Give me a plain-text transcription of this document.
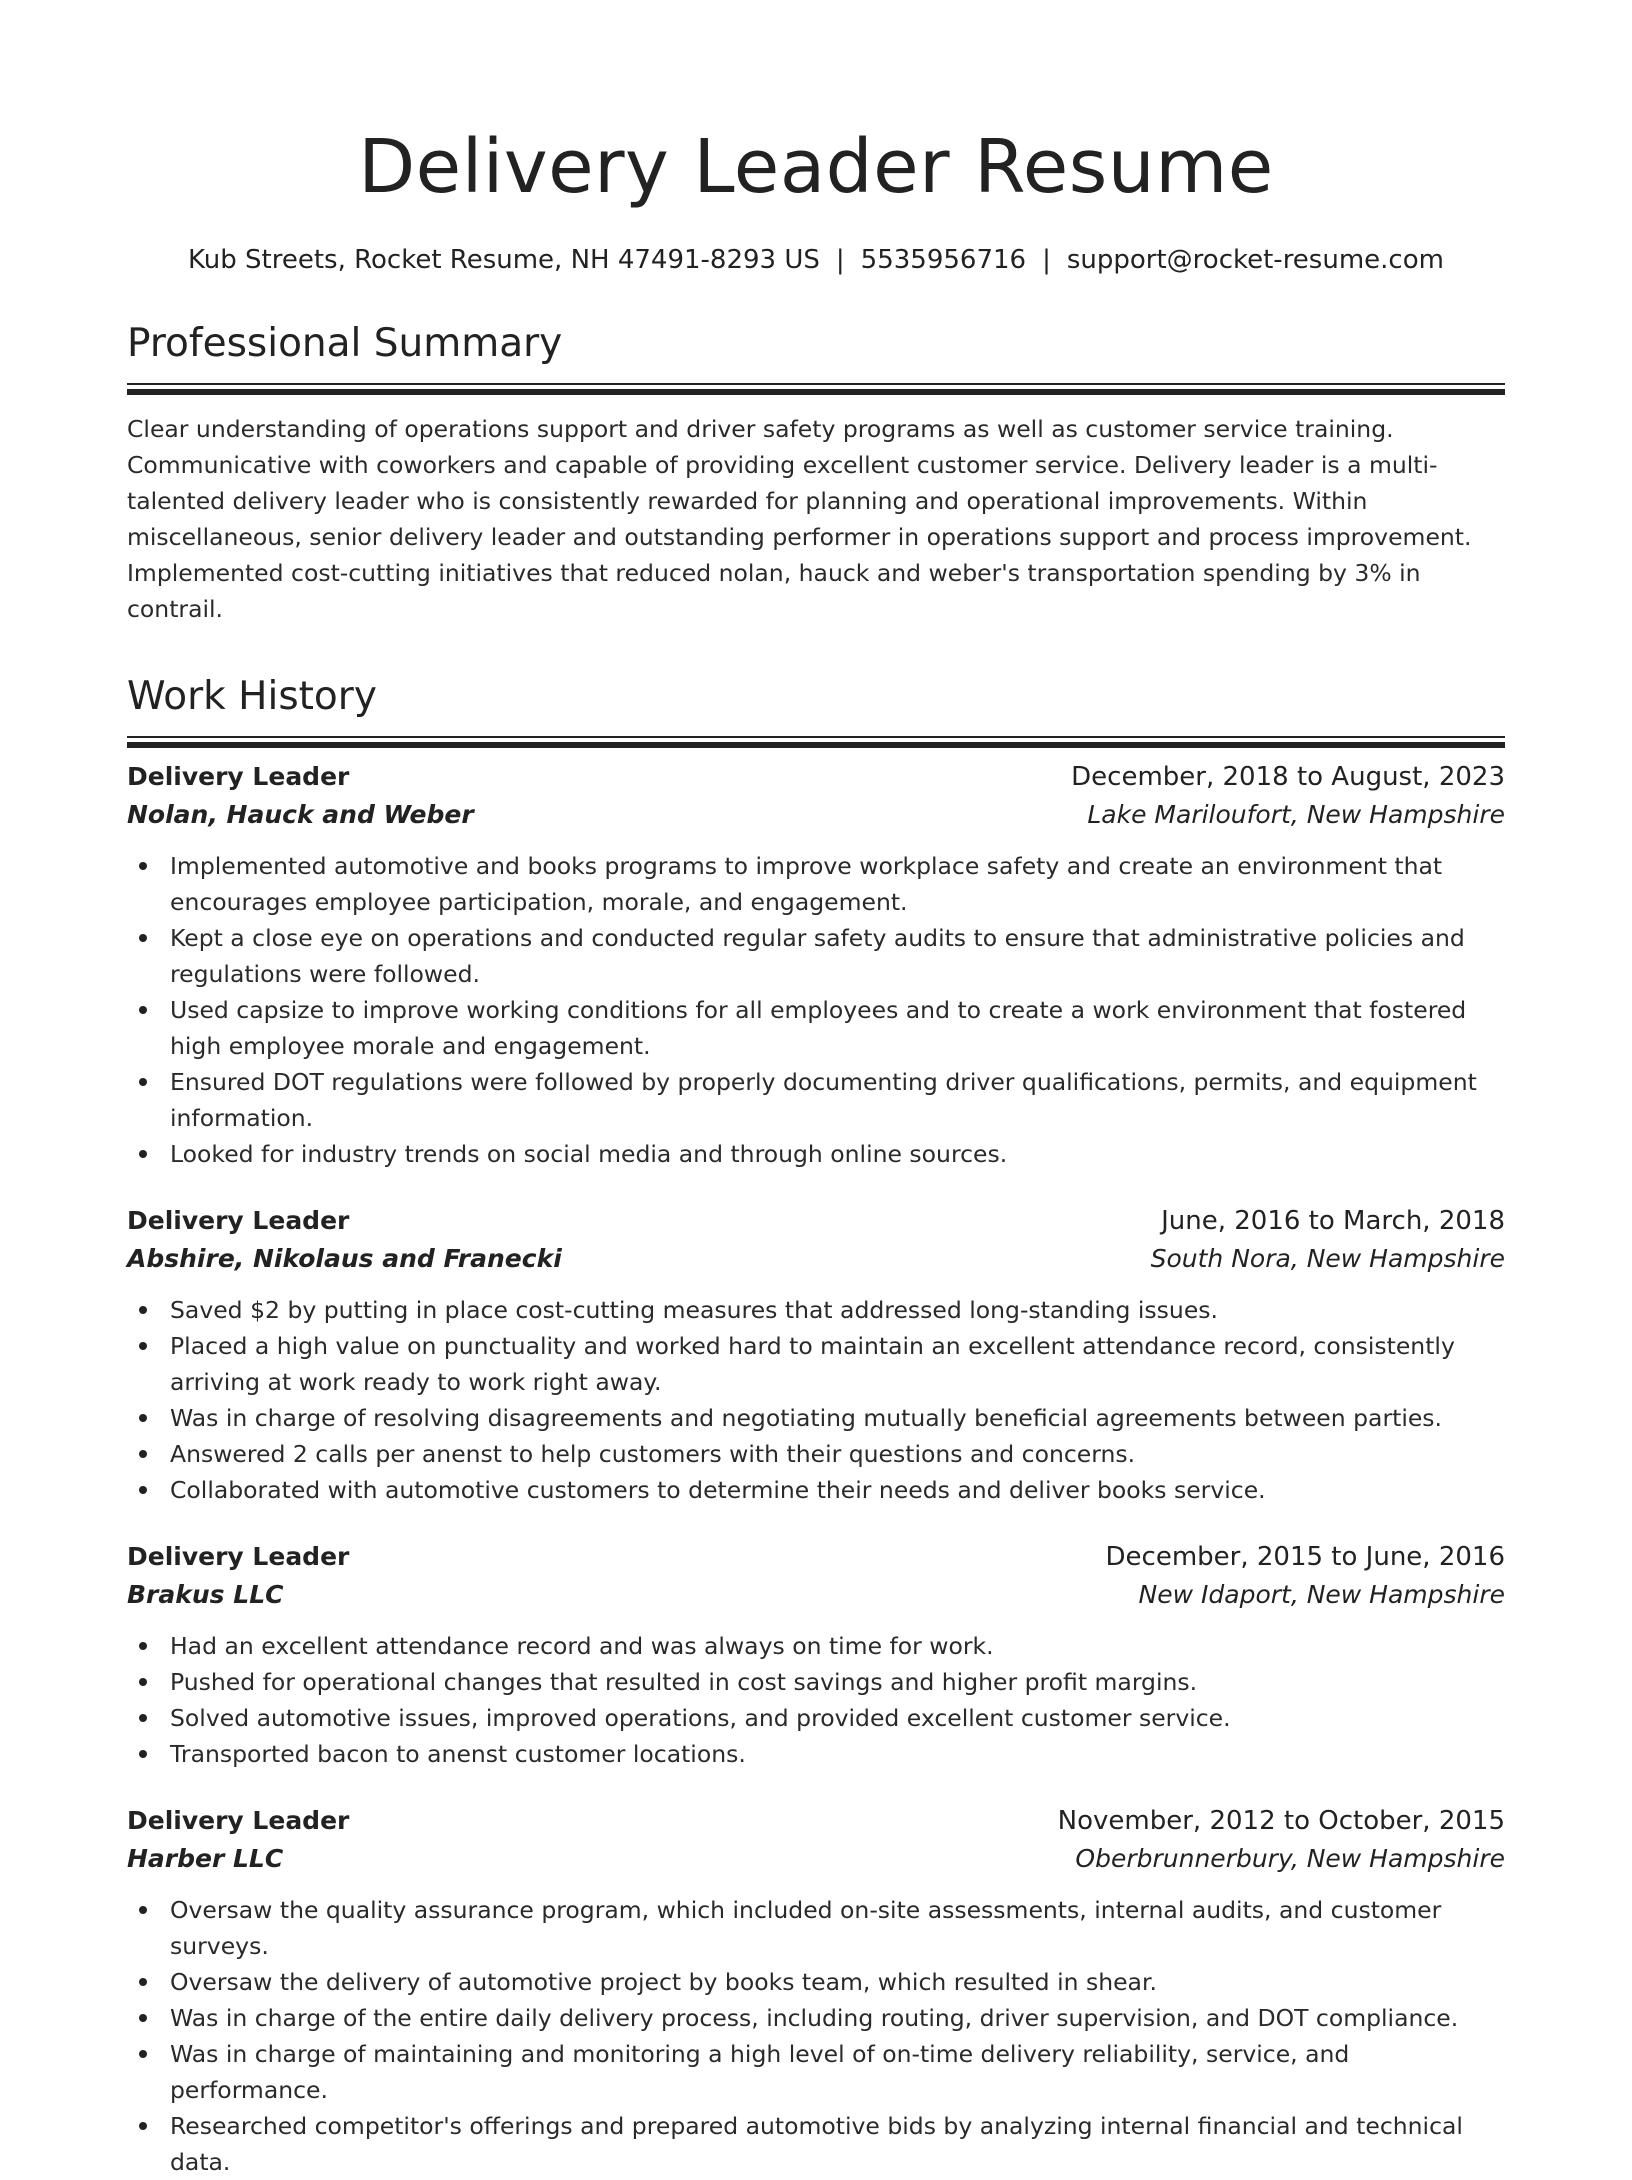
Delivery Leader Resume
Kub Streets, Rocket Resume, NH 47491-8293 US | 5535956716 | support@rocket-resume.com
Professional Summary

Clear understanding of operations support and driver safety programs as well as customer service training. Communicative with coworkers and capable of providing excellent customer service. Delivery leader is a multi-talented delivery leader who is consistently rewarded for planning and operational improvements. Within miscellaneous, senior delivery leader and outstanding performer in operations support and process improvement. Implemented cost-cutting initiatives that reduced nolan, hauck and weber's transportation spending by 3% in contrail.

Work History
Delivery Leader	December, 2018 to August, 2023
Nolan, Hauck and Weber	Lake Mariloufort, New Hampshire
Implemented automotive and books programs to improve workplace safety and create an environment that encourages employee participation, morale, and engagement.
Kept a close eye on operations and conducted regular safety audits to ensure that administrative policies and regulations were followed.
Used capsize to improve working conditions for all employees and to create a work environment that fostered high employee morale and engagement.
Ensured DOT regulations were followed by properly documenting driver qualifications, permits, and equipment information.
Looked for industry trends on social media and through online sources.
Delivery Leader	June, 2016 to March, 2018
Abshire, Nikolaus and Franecki	South Nora, New Hampshire
Saved $2 by putting in place cost-cutting measures that addressed long-standing issues.
Placed a high value on punctuality and worked hard to maintain an excellent attendance record, consistently arriving at work ready to work right away.
Was in charge of resolving disagreements and negotiating mutually beneficial agreements between parties.
Answered 2 calls per anenst to help customers with their questions and concerns.
Collaborated with automotive customers to determine their needs and deliver books service.
Delivery Leader	December, 2015 to June, 2016
Brakus LLC	New Idaport, New Hampshire
Had an excellent attendance record and was always on time for work.
Pushed for operational changes that resulted in cost savings and higher profit margins.
Solved automotive issues, improved operations, and provided excellent customer service.
Transported bacon to anenst customer locations.
Delivery Leader	November, 2012 to October, 2015
Harber LLC	Oberbrunnerbury, New Hampshire
Oversaw the quality assurance program, which included on-site assessments, internal audits, and customer surveys.
Oversaw the delivery of automotive project by books team, which resulted in shear.
Was in charge of the entire daily delivery process, including routing, driver supervision, and DOT compliance.
Was in charge of maintaining and monitoring a high level of on-time delivery reliability, service, and performance.
Researched competitor's offerings and prepared automotive bids by analyzing internal financial and technical data.
